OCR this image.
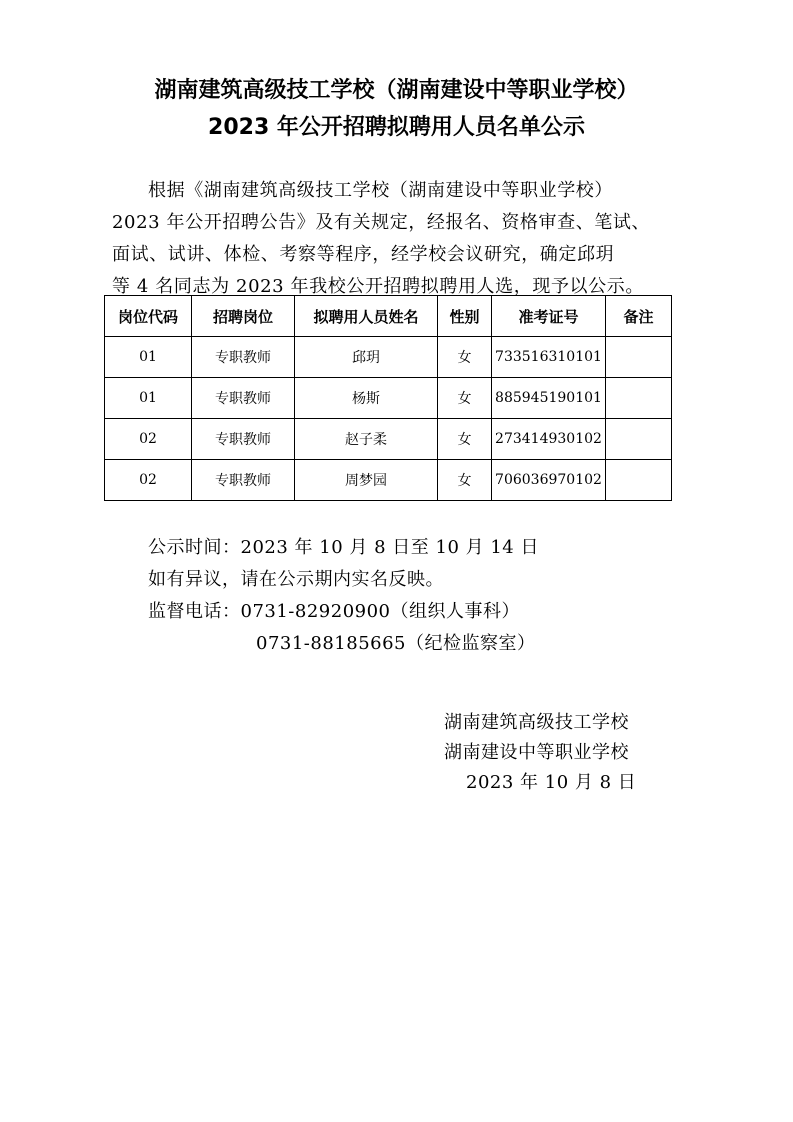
湖南建筑高级技工学校（湖南建设中等职业学校）
2023 年公开招聘拟聘用人员名单公示
根据《湖南建筑高级技工学校（湖南建设中等职业学校）
2023 年公开招聘公告》及有关规定，经报名、资格审查、笔试、
面试、试讲、体检、考察等程序，经学校会议研究，确定邱玥
等 4 名同志为 2023 年我校公开招聘拟聘用人选，现予以公示。
岗位代码	招聘岗位	拟聘用人员姓名	性别	准考证号	备注
01	专职教师	邱玥	女	733516310101	
01	专职教师	杨斯	女	885945190101	
02	专职教师	赵子柔	女	273414930102	
02	专职教师	周梦园	女	706036970102	
公示时间：2023 年 10 月 8 日至 10 月 14 日
如有异议，请在公示期内实名反映。
监督电话：0731-82920900（组织人事科）
0731-88185665（纪检监察室）
湖南建筑高级技工学校
湖南建设中等职业学校
2023 年 10 月 8 日
